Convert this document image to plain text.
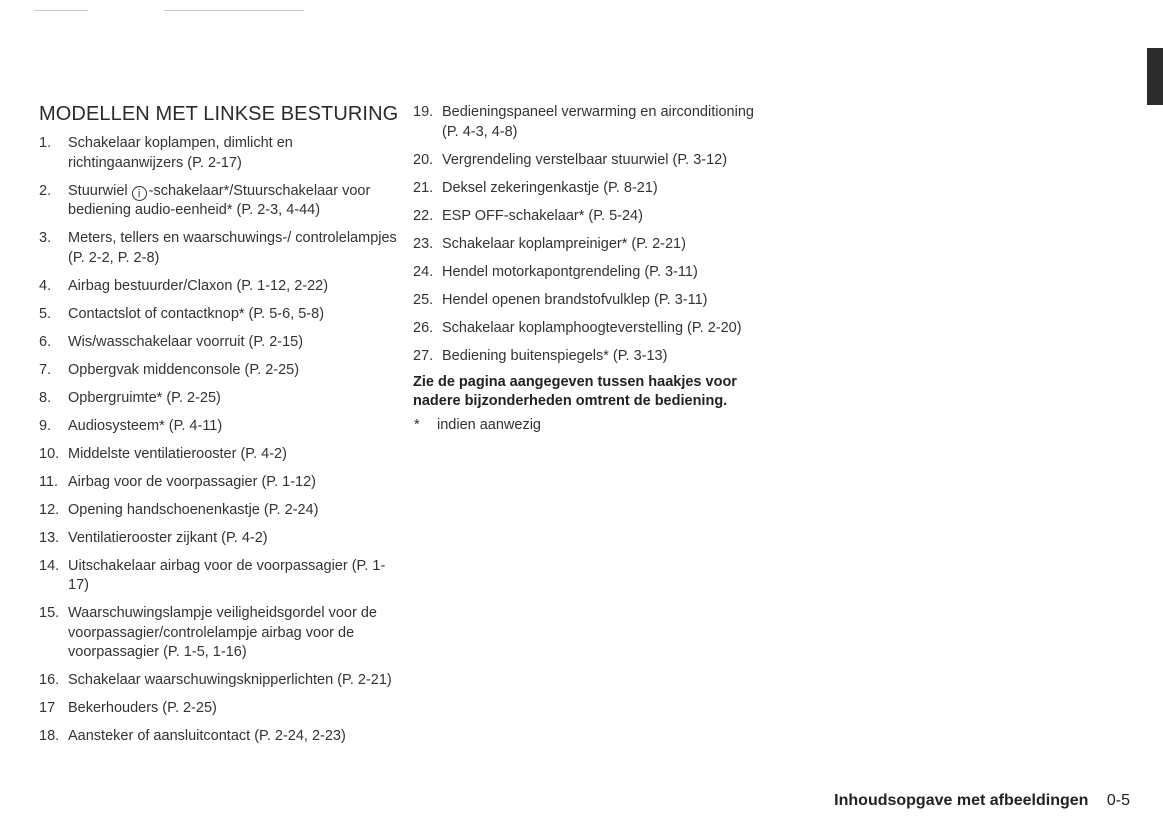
MODELLEN MET LINKSE BESTURING
1.	Schakelaar koplampen, dimlicht en richtingaanwijzers (P. 2-17)
2.	Stuurwiel i -schakelaar*/Stuurschakelaar voor bediening audio-eenheid* (P. 2-3, 4-44)
3.	Meters, tellers en waarschuwings-/ controlelampjes (P. 2-2, P. 2-8)
4.	Airbag bestuurder/Claxon (P. 1-12, 2-22)
5.	Contactslot of contactknop* (P. 5-6, 5-8)
6.	Wis/wasschakelaar voorruit (P. 2-15)
7.	Opbergvak middenconsole (P. 2-25)
8.	Opbergruimte* (P. 2-25)
9.	Audiosysteem* (P. 4-11)
10. Middelste ventilatierooster (P. 4-2)
11. Airbag voor de voorpassagier (P. 1-12)
12. Opening handschoenenkastje (P. 2-24)
13. Ventilatierooster zijkant (P. 4-2)
14. Uitschakelaar airbag voor de voorpassagier (P. 1-17)
15. Waarschuwingslampje veiligheidsgordel voor de voorpassagier/controlelampje airbag voor de voorpassagier (P. 1-5, 1-16)
16. Schakelaar waarschuwingsknipperlichten (P. 2-21)
17 Bekerhouders (P. 2-25)
18. Aansteker of aansluitcontact (P. 2-24, 2-23)
19. Bedieningspaneel verwarming en airconditioning (P. 4-3, 4-8)
20. Vergrendeling verstelbaar stuurwiel (P. 3-12)
21. Deksel zekeringenkastje (P. 8-21)
22. ESP OFF-schakelaar* (P. 5-24)
23. Schakelaar koplampreiniger* (P. 2-21)
24. Hendel motorkapontgrendeling (P. 3-11)
25. Hendel openen brandstofvulklep (P. 3-11)
26. Schakelaar koplamphoogteverstelling (P. 2-20)
27. Bediening buitenspiegels* (P. 3-13)
Zie de pagina aangegeven tussen haakjes voor nadere bijzonderheden omtrent de bediening.
* indien aanwezig
Inhoudsopgave met afbeeldingen 0-5
